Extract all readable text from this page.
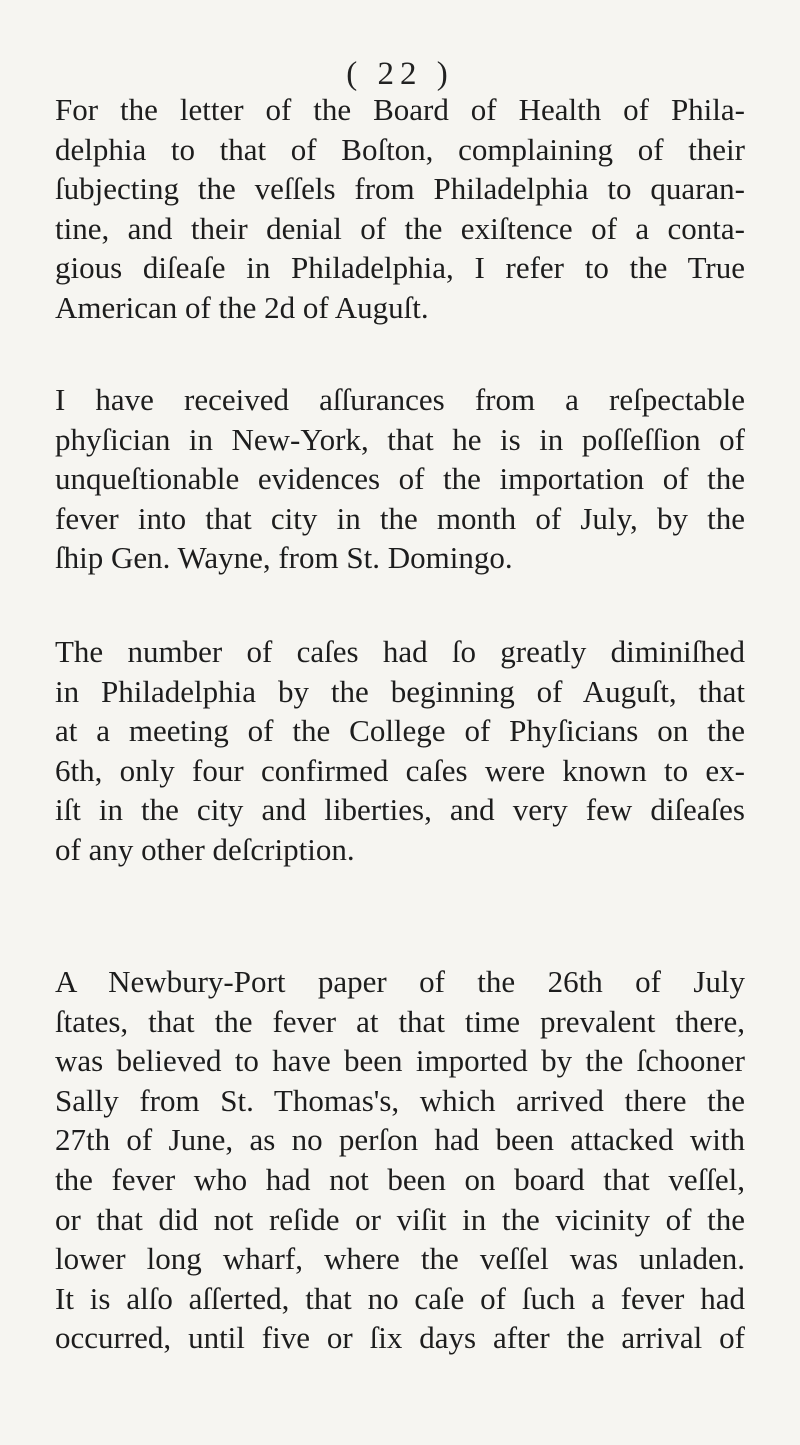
( 22 )
For the letter of the Board of Health of Phila-
delphia to that of Boſton, complaining of their
ſubjecting the veſſels from Philadelphia to quaran-
tine, and their denial of the exiſtence of a conta-
gious diſeaſe in Philadelphia, I refer to the True
American of the 2d of Auguſt.
I have received aſſurances from a reſpectable
phyſician in New-York, that he is in poſſeſſion of
unqueſtionable evidences of the importation of the
fever into that city in the month of July, by the
ſhip Gen. Wayne, from St. Domingo.
The number of caſes had ſo greatly diminiſhed
in Philadelphia by the beginning of Auguſt, that
at a meeting of the College of Phyſicians on the
6th, only four confirmed caſes were known to ex-
iſt in the city and liberties, and very few diſeaſes
of any other deſcription.
A Newbury-Port paper of the 26th of July
ſtates, that the fever at that time prevalent there,
was believed to have been imported by the ſchooner
Sally from St. Thomas's, which arrived there the
27th of June, as no perſon had been attacked with
the fever who had not been on board that veſſel,
or that did not reſide or viſit in the vicinity of the
lower long wharf, where the veſſel was unladen.
It is alſo aſſerted, that no caſe of ſuch a fever had
occurred, until five or ſix days after the arrival of
